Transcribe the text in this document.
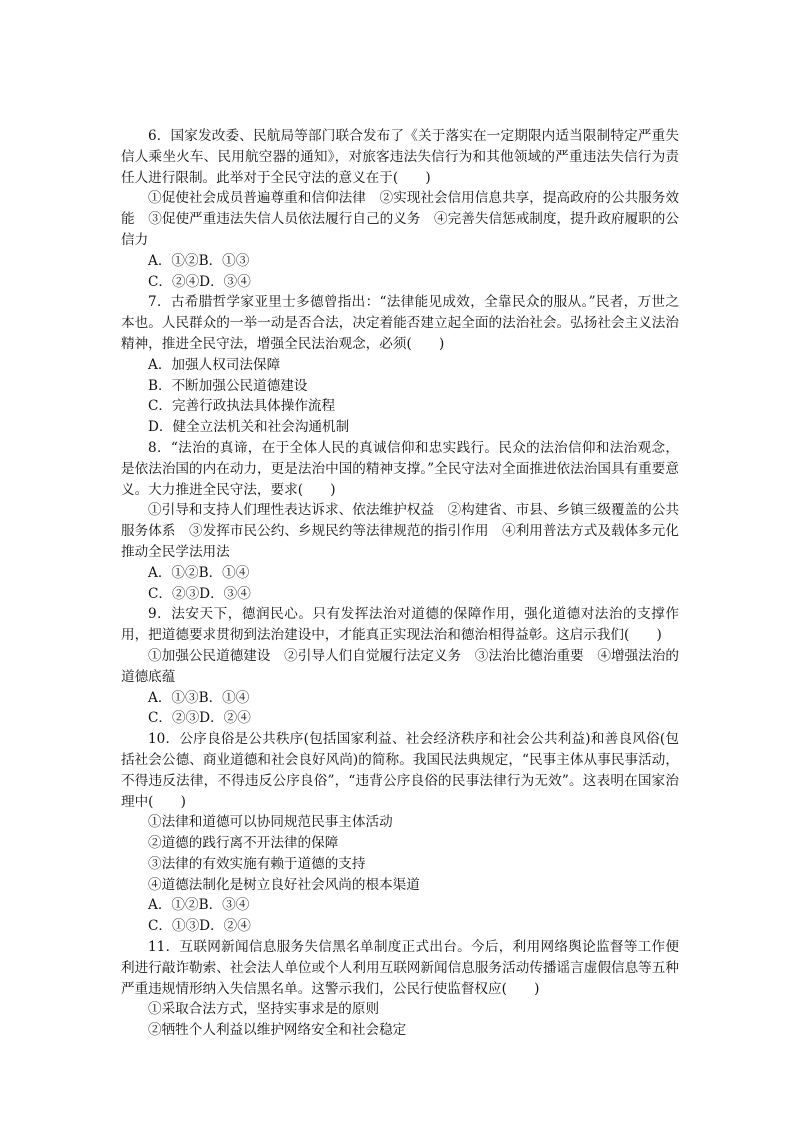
6．国家发改委、民航局等部门联合发布了《关于落实在一定期限内适当限制特定严重失信人乘坐火车、民用航空器的通知》，对旅客违法失信行为和其他领域的严重违法失信行为责任人进行限制。此举对于全民守法的意义在于(　　)

①促使社会成员普遍尊重和信仰法律　②实现社会信用信息共享，提高政府的公共服务效能　③促使严重违法失信人员依法履行自己的义务　④完善失信惩戒制度，提升政府履职的公信力

A．①②B．①③

C．②④D．③④

7．古希腊哲学家亚里士多德曾指出：“法律能见成效，全靠民众的服从。”民者，万世之本也。人民群众的一举一动是否合法，决定着能否建立起全面的法治社会。弘扬社会主义法治精神，推进全民守法，增强全民法治观念，必须(　　)

A．加强人权司法保障

B．不断加强公民道德建设

C．完善行政执法具体操作流程

D．健全立法机关和社会沟通机制

8．“法治的真谛，在于全体人民的真诚信仰和忠实践行。民众的法治信仰和法治观念，是依法治国的内在动力，更是法治中国的精神支撑。”全民守法对全面推进依法治国具有重要意义。大力推进全民守法，要求(　　)

①引导和支持人们理性表达诉求、依法维护权益　②构建省、市县、乡镇三级覆盖的公共服务体系　③发挥市民公约、乡规民约等法律规范的指引作用　④利用普法方式及载体多元化推动全民学法用法

A．①②B．①④

C．②③D．③④

9．法安天下，德润民心。只有发挥法治对道德的保障作用，强化道德对法治的支撑作用，把道德要求贯彻到法治建设中，才能真正实现法治和德治相得益彰。这启示我们(　　)

①加强公民道德建设　②引导人们自觉履行法定义务　③法治比德治重要　④增强法治的道德底蕴

A．①③B．①④

C．②③D．②④

10．公序良俗是公共秩序(包括国家利益、社会经济秩序和社会公共利益)和善良风俗(包括社会公德、商业道德和社会良好风尚)的简称。我国民法典规定，“民事主体从事民事活动，不得违反法律，不得违反公序良俗”，“违背公序良俗的民事法律行为无效”。这表明在国家治理中(　　)

①法律和道德可以协同规范民事主体活动

②道德的践行离不开法律的保障

③法律的有效实施有赖于道德的支持

④道德法制化是树立良好社会风尚的根本渠道

A．①②B．③④

C．①③D．②④

11．互联网新闻信息服务失信黑名单制度正式出台。今后，利用网络舆论监督等工作便利进行敲诈勒索、社会法人单位或个人利用互联网新闻信息服务活动传播谣言虚假信息等五种严重违规情形纳入失信黑名单。这警示我们，公民行使监督权应(　　)

①采取合法方式，坚持实事求是的原则

②牺牲个人利益以维护网络安全和社会稳定
